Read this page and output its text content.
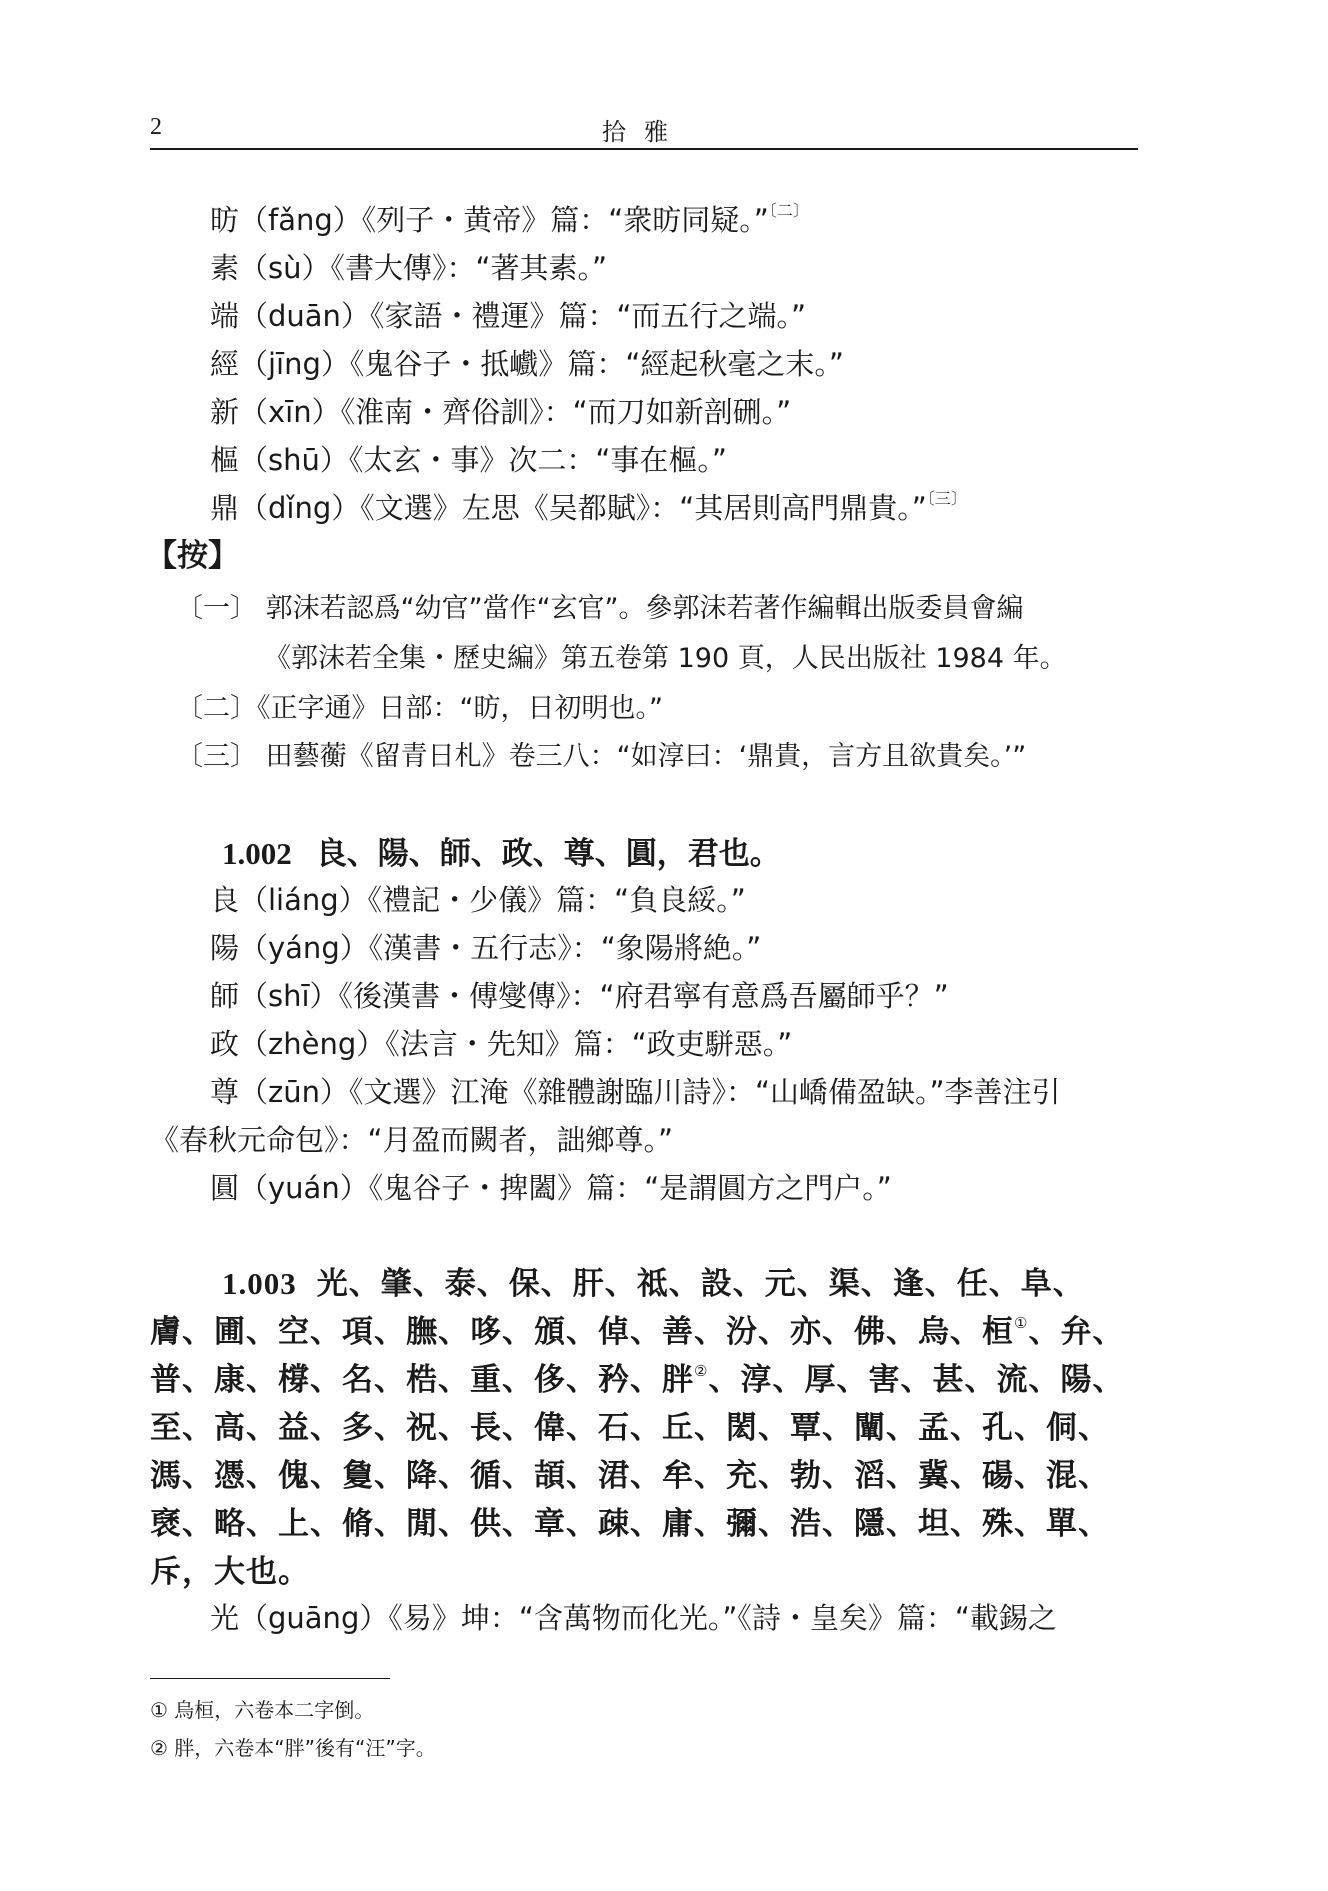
2	拾雅
昉（fǎng）《列子・黄帝》篇：“衆昉同疑。”$^{〔二〕}$
素（sù）《書大傳》：“著其素。”
端（duān）《家語・禮運》篇：“而五行之端。”
經（jīng）《鬼谷子・抵巇》篇：“經起秋毫之末。”
新（xīn）《淮南・齊俗訓》：“而刀如新剖硎。”
樞（shū）《太玄・事》次二：“事在樞。”
鼎（dǐng）《文選》左思《吴都賦》：“其居則高門鼎貴。”$^{〔三〕}$
【按】
〔一〕 郭沫若認爲“幼官”當作“玄官”。參郭沫若著作編輯出版委員會編
《郭沫若全集・歷史編》第五卷第 190 頁，人民出版社 1984 年。
〔二〕《正字通》日部：“昉，日初明也。”
〔三〕 田藝蘅《留青日札》卷三八：“如淳曰：‘鼎貴，言方且欲貴矣。’”
1.002 良、陽、師、政、尊、圓，君也。
良（liáng）《禮記・少儀》篇：“負良綏。”
陽（yáng）《漢書・五行志》：“象陽將絶。”
師（shī）《後漢書・傅燮傳》：“府君寧有意爲吾屬師乎？”
政（zhèng）《法言・先知》篇：“政吏駢惡。”
尊（zūn）《文選》江淹《雜體謝臨川詩》：“山嶠備盈缺。”李善注引
《春秋元命包》：“月盈而闕者，詘鄉尊。”
圓（yuán）《鬼谷子・捭闔》篇：“是謂圓方之門户。”
1.003 光、肇、泰、保、肝、祗、設、元、渠、逢、任、阜、
膚、圃、空、項、膴、哆、頒、倬、善、汾、亦、佛、烏、桓①、弁、
普、康、橕、名、梏、重、侈、矜、胖②、淳、厚、害、甚、流、陽、
至、高、益、多、祝、長、偉、石、丘、閎、覃、闡、孟、孔、侗、
溤、憑、傀、敻、降、循、頡、涒、牟、充、勃、滔、冀、碭、混、
褎、略、上、脩、閒、供、章、疎、庸、彌、浩、隱、坦、殊、單、
斥，大也。
光（guāng）《易》坤：“含萬物而化光。”《詩・皇矣》篇：“載錫之
① 烏桓，六卷本二字倒。
② 胖，六卷本“胖”後有“汪”字。
